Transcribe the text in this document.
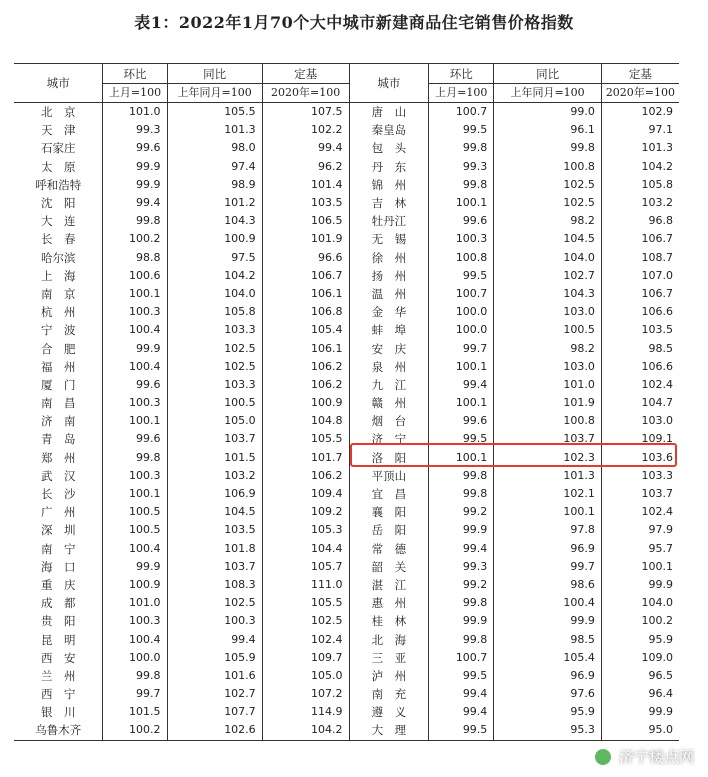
表1：2022年1月70个大中城市新建商品住宅销售价格指数
城市	环比	同比	定基	城市	环比	同比	定基
	上月=100	上年同月=100	2020年=100		上月=100	上年同月=100	2020年=100
北　京	101.0	105.5	107.5	唐　山	100.7	99.0	102.9
天　津	99.3	101.3	102.2	秦皇岛	99.5	96.1	97.1
石家庄	99.6	98.0	99.4	包　头	99.8	99.8	101.3
太　原	99.9	97.4	96.2	丹　东	99.3	100.8	104.2
呼和浩特	99.9	98.9	101.4	锦　州	99.8	102.5	105.8
沈　阳	99.4	101.2	103.5	吉　林	100.1	102.5	103.2
大　连	99.8	104.3	106.5	牡丹江	99.6	98.2	96.8
长　春	100.2	100.9	101.9	无　锡	100.3	104.5	106.7
哈尔滨	98.8	97.5	96.6	徐　州	100.8	104.0	108.7
上　海	100.6	104.2	106.7	扬　州	99.5	102.7	107.0
南　京	100.1	104.0	106.1	温　州	100.7	104.3	106.7
杭　州	100.3	105.8	106.8	金　华	100.0	103.0	106.6
宁　波	100.4	103.3	105.4	蚌　埠	100.0	100.5	103.5
合　肥	99.9	102.5	106.1	安　庆	99.7	98.2	98.5
福　州	100.4	102.5	106.2	泉　州	100.1	103.0	106.6
厦　门	99.6	103.3	106.2	九　江	99.4	101.0	102.4
南　昌	100.3	100.5	100.9	赣　州	100.1	101.9	104.7
济　南	100.1	105.0	104.8	烟　台	99.6	100.8	103.0
青　岛	99.6	103.7	105.5	济　宁	99.5	103.7	109.1
郑　州	99.8	101.5	101.7	洛　阳	100.1	102.3	103.6
武　汉	100.3	103.2	106.2	平顶山	99.8	101.3	103.3
长　沙	100.1	106.9	109.4	宜　昌	99.8	102.1	103.7
广　州	100.5	104.5	109.2	襄　阳	99.2	100.1	102.4
深　圳	100.5	103.5	105.3	岳　阳	99.9	97.8	97.9
南　宁	100.4	101.8	104.4	常　德	99.4	96.9	95.7
海　口	99.9	103.7	105.7	韶　关	99.3	99.7	100.1
重　庆	100.9	108.3	111.0	湛　江	99.2	98.6	99.9
成　都	101.0	102.5	105.5	惠　州	99.8	100.4	104.0
贵　阳	100.3	100.3	102.5	桂　林	99.9	99.9	100.2
昆　明	100.4	99.4	102.4	北　海	99.8	98.5	95.9
西　安	100.0	105.9	109.7	三　亚	100.7	105.4	109.0
兰　州	99.8	101.6	105.0	泸　州	99.5	96.9	96.5
西　宁	99.7	102.7	107.2	南　充	99.4	97.6	96.4
银　川	101.5	107.7	114.9	遵　义	99.4	95.9	99.9
乌鲁木齐	100.2	102.6	104.2	大　理	99.5	95.3	95.0
济宁楼点网
